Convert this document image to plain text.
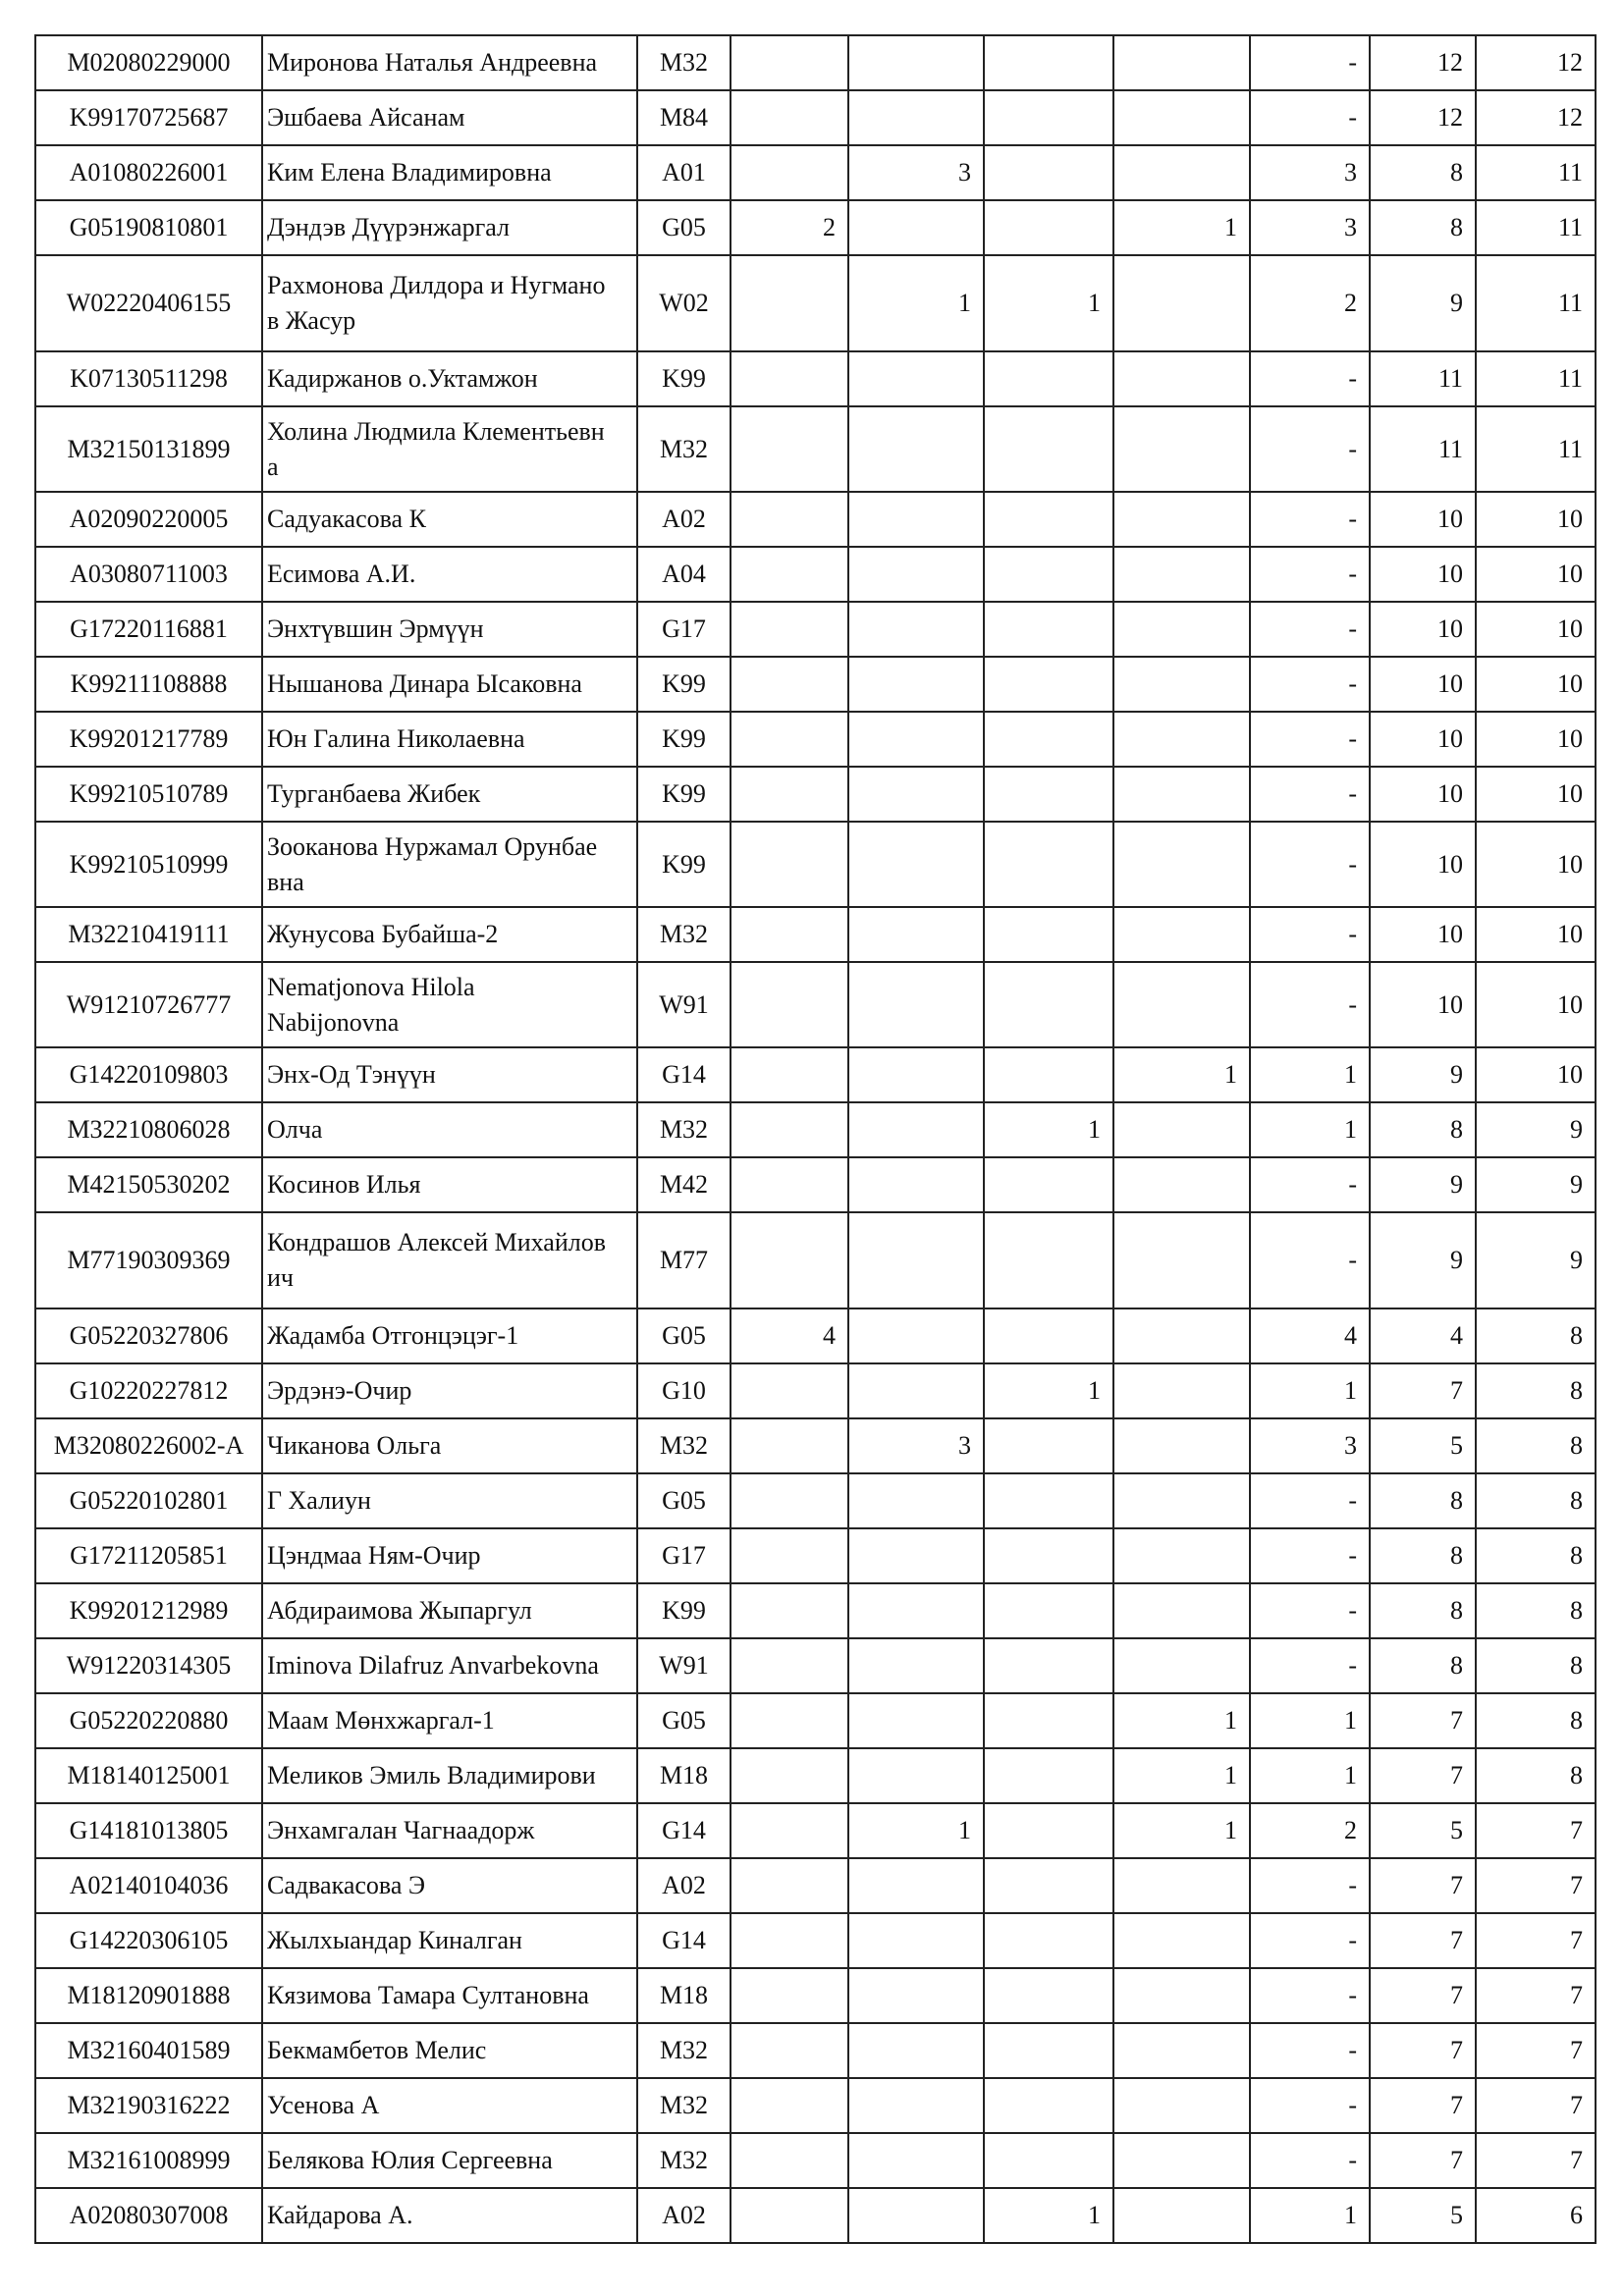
M02080229000	Миронова Наталья Андреевна	M32					-	12	12
K99170725687	Эшбаева Айсанам	M84					-	12	12
A01080226001	Ким Елена Владимировна	A01		3			3	8	11
G05190810801	Дэндэв Дүүрэнжаргал	G05	2			1	3	8	11
W02220406155	Рахмонова Дилдора и Нугмано
в Жасур	W02		1	1		2	9	11
K07130511298	Кадиржанов о.Уктамжон	K99					-	11	11
M32150131899	Холина Людмила Клементьевн
а	M32					-	11	11
A02090220005	Садуакасова К	A02					-	10	10
A03080711003	Есимова А.И.	A04					-	10	10
G17220116881	Энхтүвшин Эрмүүн	G17					-	10	10
K99211108888	Нышанова Динара Ысаковна	K99					-	10	10
K99201217789	Юн Галина Николаевна	K99					-	10	10
K99210510789	Турганбаева Жибек	K99					-	10	10
K99210510999	Зooканова Нуржамал Орунбае
вна	K99					-	10	10
M32210419111	Жунусова Бубайша-2	M32					-	10	10
W91210726777	Nematjonova Hilola
Nabijonovna	W91					-	10	10
G14220109803	Энх-Од Тэнүүн	G14				1	1	9	10
M32210806028	Олча	M32			1		1	8	9
M42150530202	Косинов Илья	M42					-	9	9
M77190309369	Кондрашов Алексей Михайлов
ич	M77					-	9	9
G05220327806	Жадамба Отгонцэцэг-1	G05	4				4	4	8
G10220227812	Эрдэнэ-Очир	G10			1		1	7	8
M32080226002-A	Чиканова Ольга	M32		3			3	5	8
G05220102801	Г Халиун	G05					-	8	8
G17211205851	Цэндмаа Ням-Очир	G17					-	8	8
K99201212989	Абдираимова Жыпаргул	K99					-	8	8
W91220314305	Iminova Dilafruz Anvarbekovna	W91					-	8	8
G05220220880	Маам Мөнхжаргал-1	G05				1	1	7	8
M18140125001	Меликов Эмиль Владимирови	M18				1	1	7	8
G14181013805	Энхамгалан Чагнаадорж	G14		1		1	2	5	7
A02140104036	Садвакасова Э	A02					-	7	7
G14220306105	Жылхыандар Киналган	G14					-	7	7
M18120901888	Кязимова Тамара Султановна	M18					-	7	7
M32160401589	Бекмамбетов Мелис	M32					-	7	7
M32190316222	Усенова А	M32					-	7	7
M32161008999	Белякова Юлия Сергеевна	M32					-	7	7
A02080307008	Кайдарова А.	A02			1		1	5	6
